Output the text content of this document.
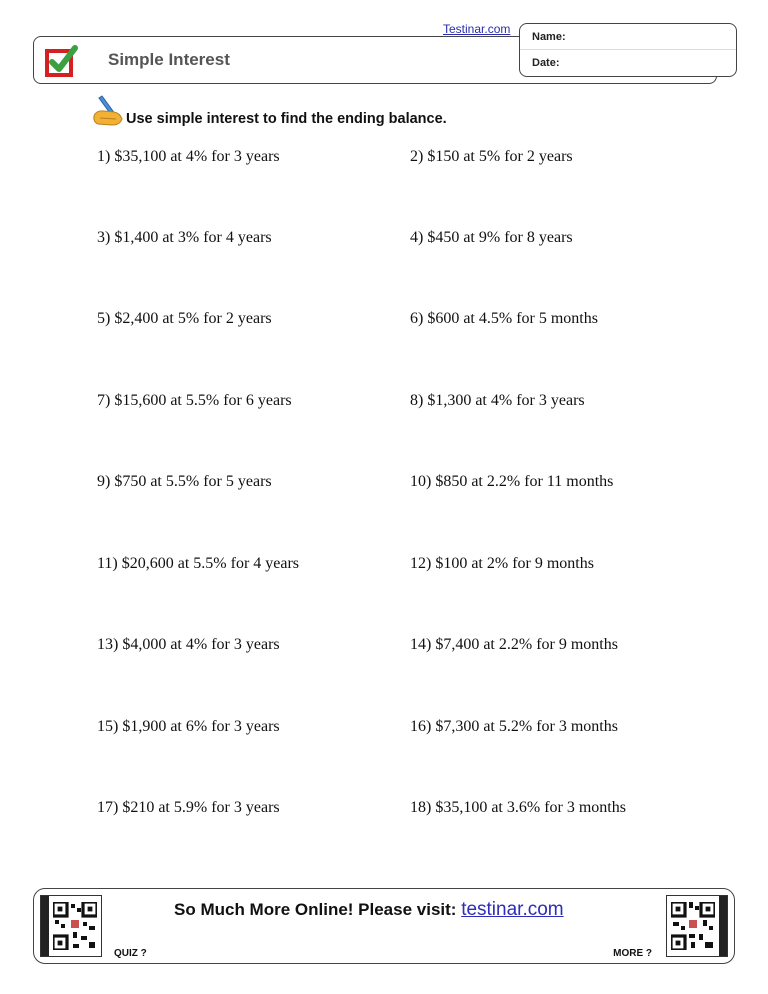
Testinar.com
Simple Interest
Name:
Date:
Use simple interest to find the ending balance.
1) $35,100 at 4% for 3 years	2) $150 at 5% for 2 years
3) $1,400 at 3% for 4 years	4) $450 at 9% for 8 years
5) $2,400 at 5% for 2 years	6) $600 at 4.5% for 5 months
7) $15,600 at 5.5% for 6 years	8) $1,300 at 4% for 3 years
9) $750 at 5.5% for 5 years	10) $850 at 2.2% for 11 months
11) $20,600 at 5.5% for 4 years	12) $100 at 2% for 9 months
13) $4,000 at 4% for 3 years	14) $7,400 at 2.2% for 9 months
15) $1,900 at 6% for 3 years	16) $7,300 at 5.2% for 3 months
17) $210 at 5.9% for 3 years	18) $35,100 at 3.6% for 3 months
QUIZ ?
So Much More Online! Please visit: testinar.com
MORE ?
